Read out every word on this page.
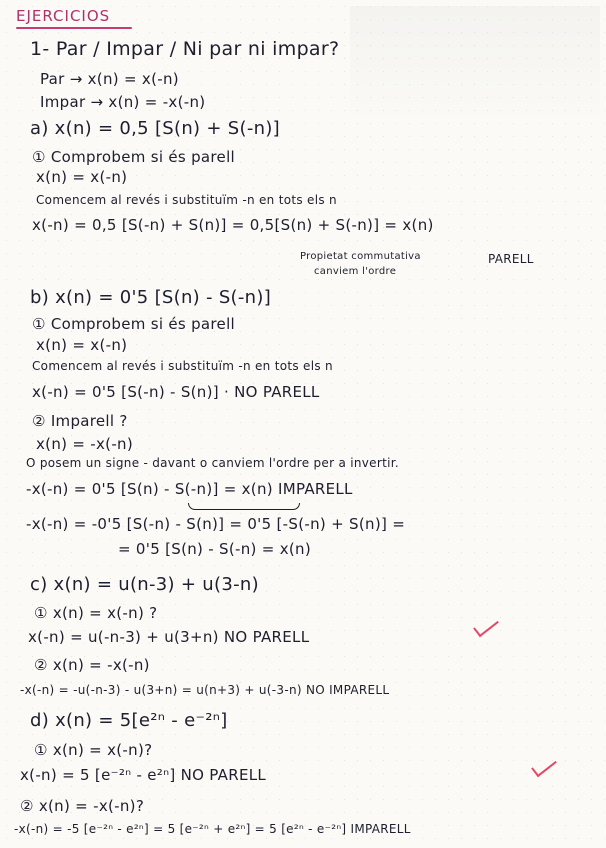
EJERCICIOS
1- Par / Impar / Ni par ni impar?
Par → x(n) = x(-n)
Impar → x(n) = -x(-n)
a) x(n) = 0,5 [S(n) + S(-n)]
① Comprobem si és parell
x(n) = x(-n)
Comencem al revés i substituïm -n en tots els n
x(-n) = 0,5 [S(-n) + S(n)] = 0,5[S(n) + S(-n)] = x(n)
Propietat commutativa
canviem l'ordre
PARELL
b) x(n) = 0'5 [S(n) - S(-n)]
① Comprobem si és parell
x(n) = x(-n)
Comencem al revés i substituïm -n en tots els n
x(-n) = 0'5 [S(-n) - S(n)] · NO PARELL
② Imparell ?
x(n) = -x(-n)
O posem un signe - davant o canviem l'ordre per a invertir.
-x(-n) = 0'5 [S(n) - S(-n)] = x(n) IMPARELL
-x(-n) = -0'5 [S(-n) - S(n)] = 0'5 [-S(-n) + S(n)] =
= 0'5 [S(n) - S(-n) = x(n)
c) x(n) = u(n-3) + u(3-n)
① x(n) = x(-n) ?
x(-n) = u(-n-3) + u(3+n) NO PARELL
② x(n) = -x(-n)
-x(-n) = -u(-n-3) - u(3+n) = u(n+3) + u(-3-n) NO IMPARELL
d) x(n) = 5[e²ⁿ - e⁻²ⁿ]
① x(n) = x(-n)?
x(-n) = 5 [e⁻²ⁿ - e²ⁿ] NO PARELL
② x(n) = -x(-n)?
-x(-n) = -5 [e⁻²ⁿ - e²ⁿ] = 5 [e⁻²ⁿ + e²ⁿ] = 5 [e²ⁿ - e⁻²ⁿ] IMPARELL
